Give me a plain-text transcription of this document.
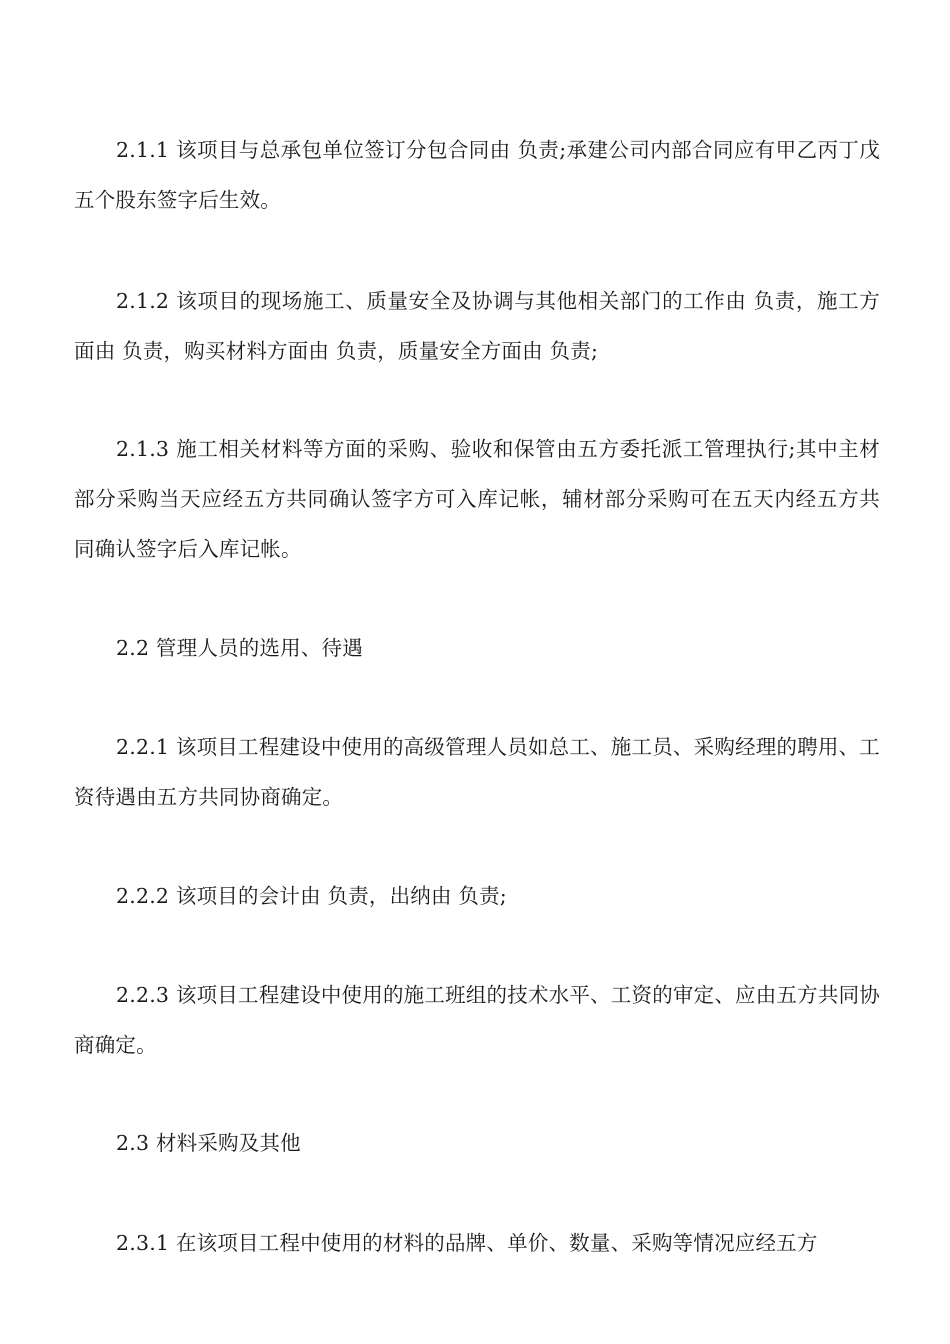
2.1.1 该项目与总承包单位签订分包合同由 负责;承建公司内部合同应有甲乙丙丁戊五个股东签字后生效。

2.1.2 该项目的现场施工、质量安全及协调与其他相关部门的工作由 负责，施工方面由 负责，购买材料方面由 负责，质量安全方面由 负责;

2.1.3 施工相关材料等方面的采购、验收和保管由五方委托派工管理执行;其中主材部分采购当天应经五方共同确认签字方可入库记帐，辅材部分采购可在五天内经五方共同确认签字后入库记帐。

2.2 管理人员的选用、待遇

2.2.1 该项目工程建设中使用的高级管理人员如总工、施工员、采购经理的聘用、工资待遇由五方共同协商确定。

2.2.2 该项目的会计由 负责，出纳由 负责;

2.2.3 该项目工程建设中使用的施工班组的技术水平、工资的审定、应由五方共同协商确定。

2.3 材料采购及其他

2.3.1 在该项目工程中使用的材料的品牌、单价、数量、采购等情况应经五方
